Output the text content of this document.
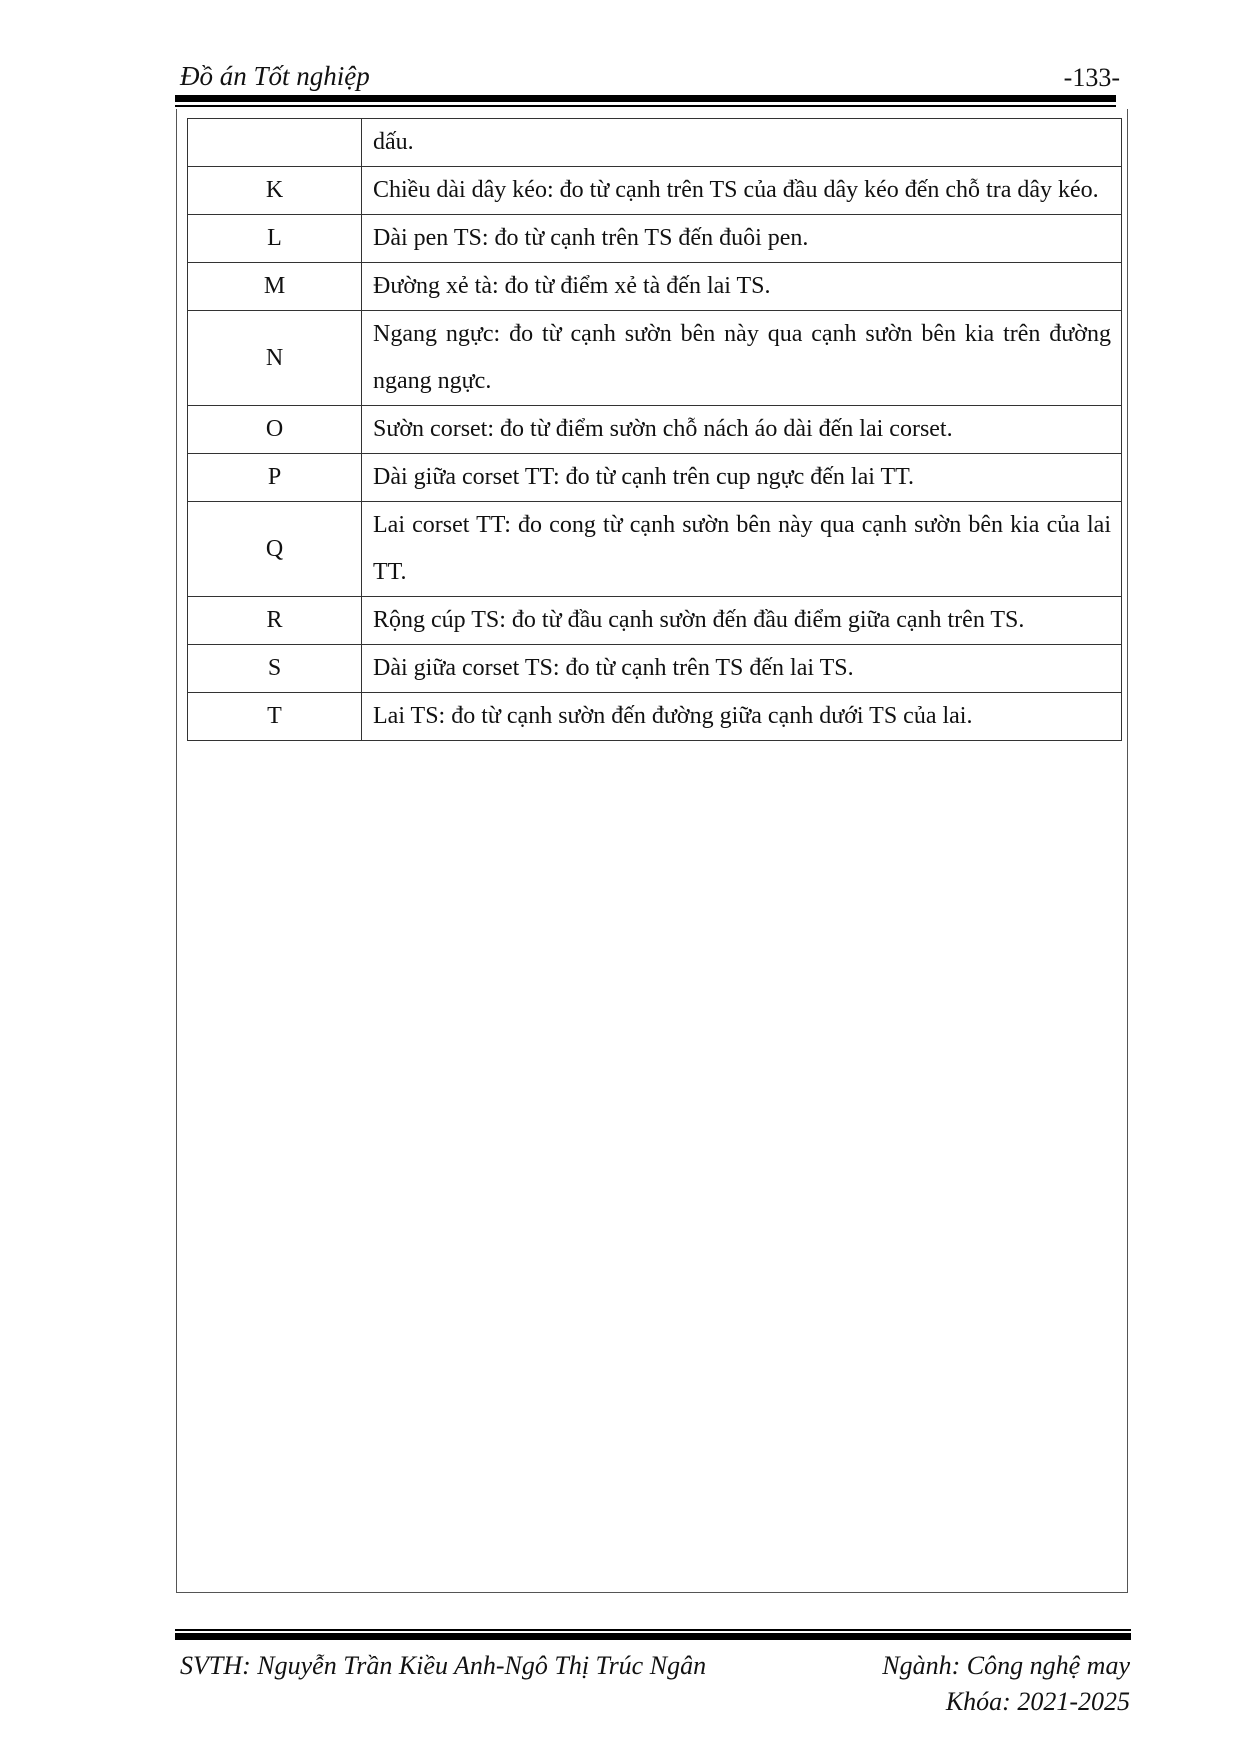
Đồ án Tốt nghiệp	-133-
	dấu.
K	Chiều dài dây kéo: đo từ cạnh trên TS của đầu dây kéo đến chỗ tra dây kéo.
L	Dài pen TS: đo từ cạnh trên TS đến đuôi pen.
M	Đường xẻ tà: đo từ điểm xẻ tà đến lai TS.
N	Ngang ngực: đo từ cạnh sườn bên này qua cạnh sườn bên kia trên đường ngang ngực.
O	Sườn corset: đo từ điểm sườn chỗ nách áo dài đến lai corset.
P	Dài giữa corset TT: đo từ cạnh trên cup ngực đến lai TT.
Q	Lai corset TT: đo cong từ cạnh sườn bên này qua cạnh sườn bên kia của lai TT.
R	Rộng cúp TS: đo từ đầu cạnh sườn đến đầu điểm giữa cạnh trên TS.
S	Dài giữa corset TS: đo từ cạnh trên TS đến lai TS.
T	Lai TS: đo từ cạnh sườn đến đường giữa cạnh dưới TS của lai.
SVTH: Nguyễn Trần Kiều Anh-Ngô Thị Trúc Ngân	Ngành: Công nghệ may
Khóa: 2021-2025
